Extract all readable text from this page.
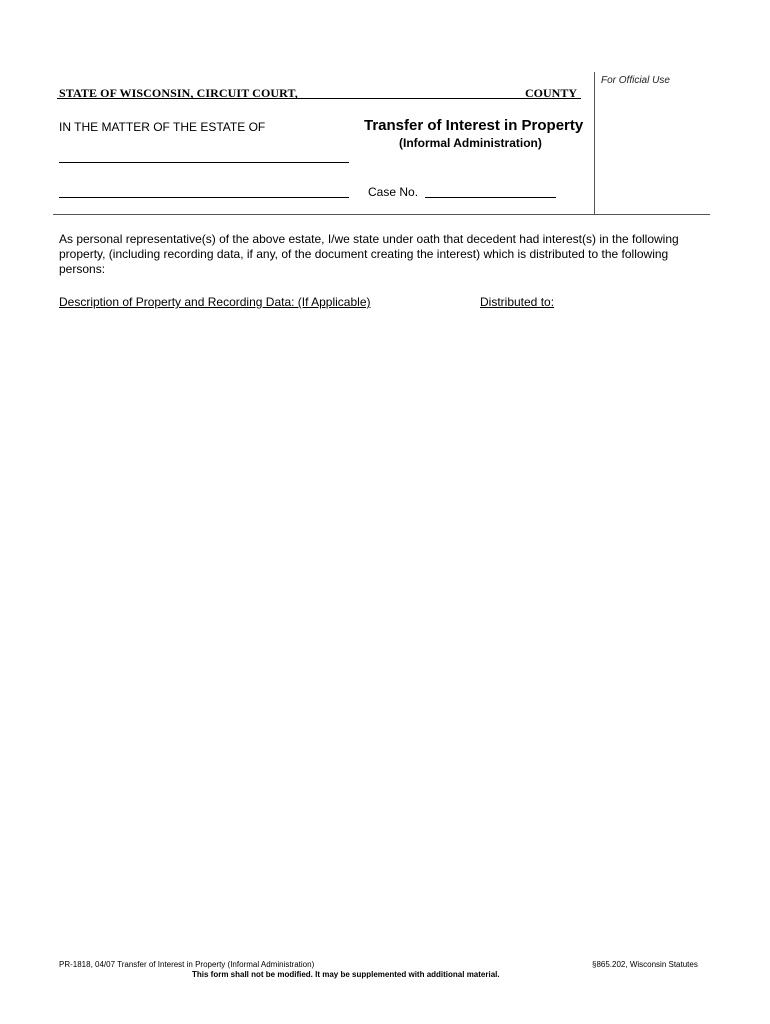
STATE OF WISCONSIN, CIRCUIT COURT,	COUNTY
For Official Use
IN THE MATTER OF THE ESTATE OF	Transfer of Interest in Property
(Informal Administration)
Case No.
As personal representative(s) of the above estate, I/we state under oath that decedent had interest(s) in the following property, (including recording data, if any, of the document creating the interest) which is distributed to the following persons:
Description of Property and Recording Data: (If Applicable)	Distributed to:
PR-1818, 04/07 Transfer of Interest in Property (Informal Administration)	§865.202, Wisconsin Statutes
This form shall not be modified. It may be supplemented with additional material.
